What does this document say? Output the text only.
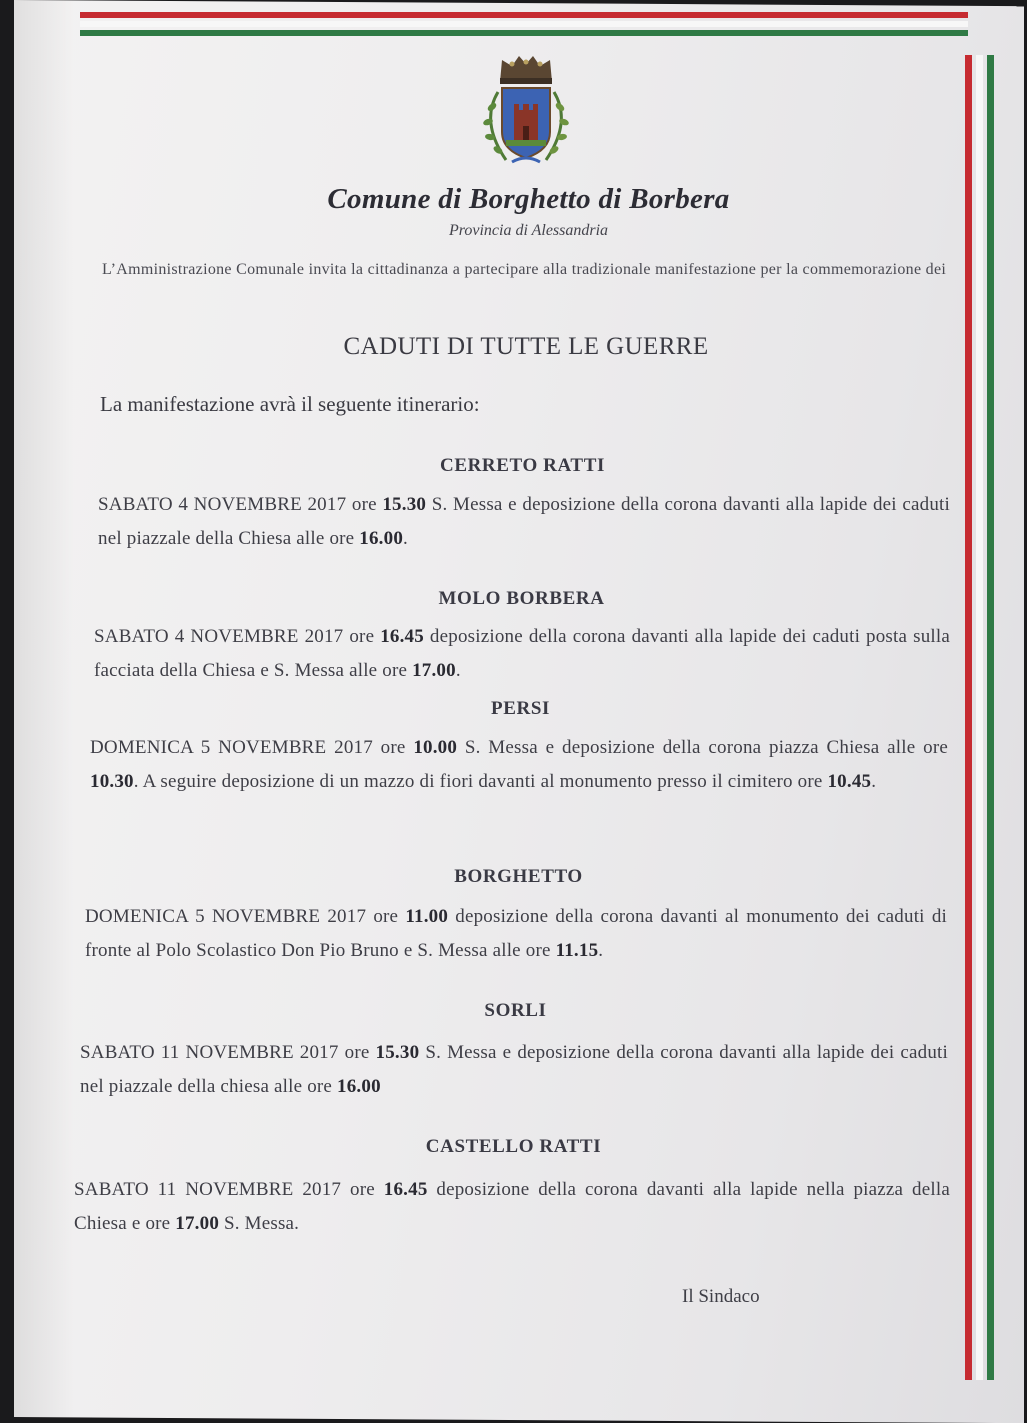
Comune di Borghetto di Borbera
Provincia di Alessandria
L’Amministrazione Comunale invita la cittadinanza a partecipare alla tradizionale manifestazione per la commemorazione dei
CADUTI DI TUTTE LE GUERRE
La manifestazione avrà il seguente itinerario:
CERRETO RATTI
SABATO 4 NOVEMBRE 2017 ore 15.30 S. Messa e deposizione della corona davanti alla lapide dei caduti nel piazzale della Chiesa alle ore 16.00.
MOLO BORBERA
SABATO 4 NOVEMBRE 2017 ore 16.45 deposizione della corona davanti alla lapide dei caduti posta sulla facciata della Chiesa e S. Messa alle ore 17.00.
PERSI
DOMENICA 5 NOVEMBRE 2017 ore 10.00 S. Messa e deposizione della corona piazza Chiesa alle ore 10.30. A seguire deposizione di un mazzo di fiori davanti al monumento presso il cimitero ore 10.45.
BORGHETTO
DOMENICA 5 NOVEMBRE 2017 ore 11.00 deposizione della corona davanti al monumento dei caduti di fronte al Polo Scolastico Don Pio Bruno e S. Messa alle ore 11.15.
SORLI
SABATO 11 NOVEMBRE 2017 ore 15.30 S. Messa e deposizione della corona davanti alla lapide dei caduti nel piazzale della chiesa alle ore 16.00
CASTELLO RATTI
SABATO 11 NOVEMBRE 2017 ore 16.45 deposizione della corona davanti alla lapide nella piazza della Chiesa e ore 17.00 S. Messa.
Il Sindaco
